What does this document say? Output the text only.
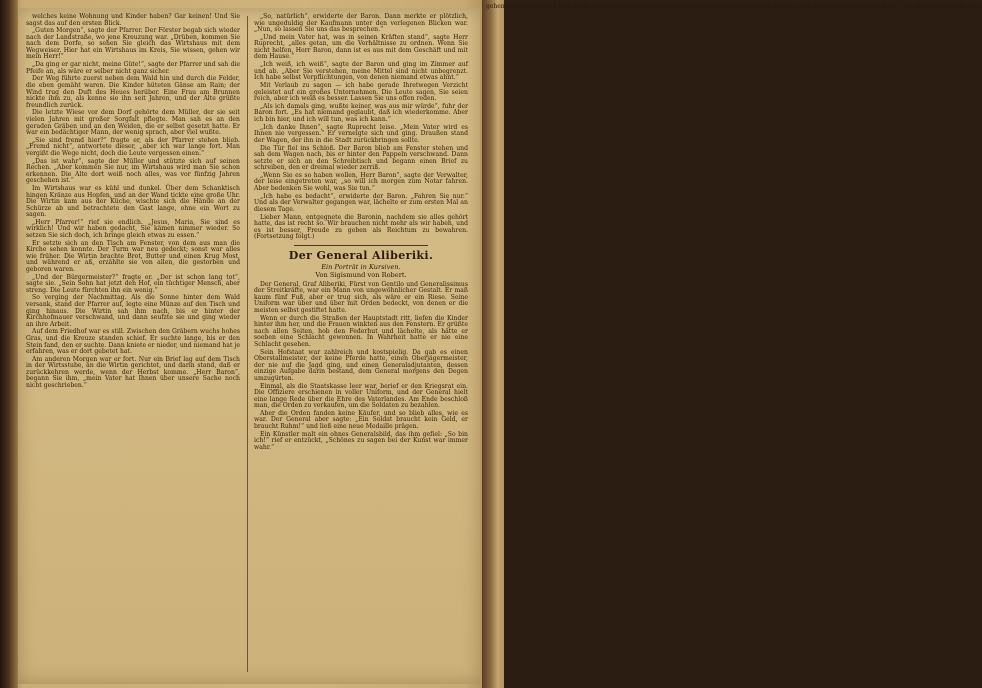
welches keine Wohnung und Kinder haben? Gar keinen! Und Sie sagst das auf den ersten Blick.

„Guten Morgen“, sagte der Pfarrer. Der Förster begab sich wieder nach der Landstraße, wo jene Kreuzung war. „Drüben, kommen Sie nach dem Dorfe, so sehen Sie gleich das Wirtshaus mit dem Wegweiser. Hier hat ein Wirtshaus im Kreis, Sie wissen, gehen wir mein Herr!“

„Da ging er gar nicht, meine Güte!“, sagte der Pfarrer und sah die Pfeife an, als wäre er selber nicht ganz sicher.

Der Weg führte zuerst neben dem Wald hin und durch die Felder, die eben gemäht waren. Die Kinder hüteten Gänse am Rain; der Wind trug den Duft des Heues herüber. Eine Frau am Brunnen nickte ihm zu, als kenne sie ihn seit Jahren, und der Alte grüßte freundlich zurück.

Die letzte Wiese vor dem Dorf gehörte dem Müller, der sie seit vielen Jahren mit großer Sorgfalt pflegte. Man sah es an den geraden Gräben und an den Weiden, die er selbst gesetzt hatte. Er war ein bedächtiger Mann, der wenig sprach, aber viel wußte.

„Sie sind fremd hier?“ fragte er, als der Pfarrer stehen blieb. „Fremd nicht“, antwortete dieser, „aber ich war lange fort. Man vergißt die Wege nicht, doch die Leute vergessen einen.“

„Das ist wahr“, sagte der Müller und stützte sich auf seinen Rechen. „Aber kommen Sie nur, im Wirtshaus wird man Sie schon erkennen. Die Alte dort weiß noch alles, was vor fünfzig Jahren geschehen ist.“

Im Wirtshaus war es kühl und dunkel. Über dem Schanktisch hingen Kränze aus Hopfen, und an der Wand tickte eine große Uhr. Die Wirtin kam aus der Küche, wischte sich die Hände an der Schürze ab und betrachtete den Gast lange, ohne ein Wort zu sagen.

„Herr Pfarrer!“ rief sie endlich. „Jesus, Maria, Sie sind es wirklich! Und wir haben gedacht, Sie kämen nimmer wieder. So setzen Sie sich doch, ich bringe gleich etwas zu essen.“

Er setzte sich an den Tisch am Fenster, von dem aus man die Kirche sehen konnte. Der Turm war neu gedeckt; sonst war alles wie früher. Die Wirtin brachte Brot, Butter und einen Krug Most, und während er aß, erzählte sie von allen, die gestorben und geboren waren.

„Und der Bürgermeister?“ fragte er. „Der ist schon lang tot“, sagte sie. „Sein Sohn hat jetzt den Hof, ein tüchtiger Mensch, aber streng. Die Leute fürchten ihn ein wenig.“

So verging der Nachmittag. Als die Sonne hinter dem Wald versank, stand der Pfarrer auf, legte eine Münze auf den Tisch und ging hinaus. Die Wirtin sah ihm nach, bis er hinter der Kirchhofmauer verschwand, und dann seufzte sie und ging wieder an ihre Arbeit.

Auf dem Friedhof war es still. Zwischen den Gräbern wuchs hohes Gras, und die Kreuze standen schief. Er suchte lange, bis er den Stein fand, den er suchte. Dann kniete er nieder, und niemand hat je erfahren, was er dort gebetet hat.

Am anderen Morgen war er fort. Nur ein Brief lag auf dem Tisch in der Wirtsstube, an die Wirtin gerichtet, und darin stand, daß er zurückkehren werde, wenn der Herbst komme. „Herr Baron“, begann Sie ihm, „mein Vater hat Ihnen über unsere Sache noch nicht geschrieben.“

„So, natürlich“, erwiderte der Baron. Dann merkte er plötzlich, wie ungeduldig der Kaufmann unter den verlegenen Blicken war. „Nun, so lassen Sie uns das besprechen.“

„Und mein Vater hat, was in seinen Kräften stand“, sagte Herr Ruprecht, „alles getan, um die Verhältnisse zu ordnen. Wenn Sie nicht helfen, Herr Baron, dann ist es aus mit dem Geschäft und mit dem Hause.“

„Ich weiß, ich weiß“, sagte der Baron und ging im Zimmer auf und ab. „Aber Sie verstehen, meine Mittel sind nicht unbegrenzt. Ich habe selbst Verpflichtungen, von denen niemand etwas ahnt.“

Mit Verlaub zu sagen — ich habe gerade Ihretwegen Verzicht geleistet auf ein großes Unternehmen. Die Leute sagen, Sie seien reich, aber ich weiß es besser. Lassen Sie uns offen reden.

„Als ich damals ging, wußte keiner, was aus mir würde“, fuhr der Baron fort. „Es hat niemand geglaubt, daß ich wiederkomme. Aber ich bin hier, und ich will tun, was ich kann.“

„Ich danke Ihnen“, sagte Ruprecht leise. „Mein Vater wird es Ihnen nie vergessen.“ Er verneigte sich und ging. Draußen stand der Wagen, der ihn in die Stadt zurückbringen sollte.

Die Tür fiel ins Schloß. Der Baron blieb am Fenster stehen und sah dem Wagen nach, bis er hinter den Pappeln verschwand. Dann setzte er sich an den Schreibtisch und begann einen Brief zu schreiben, den er dreimal wieder zerriß.

„Wenn Sie es so haben wollen, Herr Baron“, sagte der Verwalter, der leise eingetreten war, „so will ich morgen zum Notar fahren. Aber bedenken Sie wohl, was Sie tun.“

„Ich habe es bedacht“, erwiderte der Baron. „Fahren Sie nur.“ Und als der Verwalter gegangen war, lächelte er zum ersten Mal an diesem Tage.

Lieber Mann, entgegnete die Baronin, nachdem sie alles gehört hatte, das ist recht so. Wir brauchen nicht mehr als wir haben, und es ist besser, Freude zu geben als Reichtum zu bewahren. (Fortsetzung folgt.)

Der General Aliberiki.
Ein Porträt in Kursiven.
Von Sigismund von Robert.

Der General, Graf Aliberiki, Fürst von Gentilo und Generalissimus der Streitkräfte, war ein Mann von ungewöhnlicher Gestalt. Er maß kaum fünf Fuß, aber er trug sich, als wäre er ein Riese. Seine Uniform war über und über mit Orden bedeckt, von denen er die meisten selbst gestiftet hatte.

Wenn er durch die Straßen der Hauptstadt ritt, liefen die Kinder hinter ihm her, und die Frauen winkten aus den Fenstern. Er grüßte nach allen Seiten, hob den Federhut und lächelte, als hätte er soeben eine Schlacht gewonnen. In Wahrheit hatte er nie eine Schlacht gesehen.

Sein Hofstaat war zahlreich und kostspielig. Da gab es einen Oberstallmeister, der keine Pferde hatte, einen Oberjägermeister, der nie auf die Jagd ging, und einen Generaladjutanten, dessen einzige Aufgabe darin bestand, dem General morgens den Degen umzugürten.

Einmal, als die Staatskasse leer war, berief er den Kriegsrat ein. Die Offiziere erschienen in voller Uniform, und der General hielt eine lange Rede über die Ehre des Vaterlandes. Am Ende beschloß man, die Orden zu verkaufen, um die Soldaten zu bezahlen.

Aber die Orden fanden keine Käufer, und so blieb alles, wie es war. Der General aber sagte: „Ein Soldat braucht kein Geld, er braucht Ruhm!“ und ließ eine neue Medaille prägen.

Ein Künstler malt ein ohnes Generalsbild, das ihm gefiel: „So bin ich!“ rief er entzückt, „Schönes zu sagen bei der Kunst war immer wahr.“

gehen Freilich Der daß kein Einer Schwerkt so klare Stiel des Prinzip Kanonen Nach zerr die Stimm wolfs die Welt des Unterr welt Be- Das Mann Land wolle hau.
